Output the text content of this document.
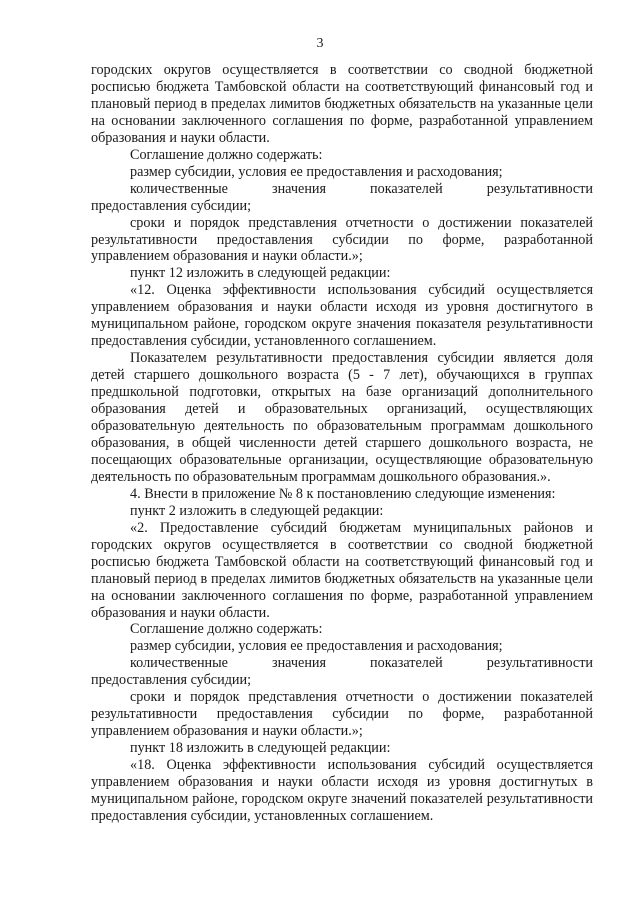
3

городских округов осуществляется в соответствии со сводной бюджетной росписью бюджета Тамбовской области на соответствующий финансовый год и плановый период в пределах лимитов бюджетных обязательств на указанные цели на основании заключенного соглашения по форме, разработанной управлением образования и науки области.

Соглашение должно содержать:

размер субсидии, условия ее предоставления и расходования;

количественные значения показателей результативности

предоставления субсидии;

сроки и порядок представления отчетности о достижении показателей результативности предоставления субсидии по форме, разработанной управлением образования и науки области.»;

пункт 12 изложить в следующей редакции:

«12. Оценка эффективности использования субсидий осуществляется управлением образования и науки области исходя из уровня достигнутого в муниципальном районе, городском округе значения показателя результативности предоставления субсидии, установленного соглашением.

Показателем результативности предоставления субсидии является доля детей старшего дошкольного возраста (5 - 7 лет), обучающихся в группах предшкольной подготовки, открытых на базе организаций дополнительного образования детей и образовательных организаций, осуществляющих образовательную деятельность по образовательным программам дошкольного образования, в общей численности детей старшего дошкольного возраста, не посещающих образовательные организации, осуществляющие образовательную деятельность по образовательным программам дошкольного образования.».

4. Внести в приложение № 8 к постановлению следующие изменения:

пункт 2 изложить в следующей редакции:

«2. Предоставление субсидий бюджетам муниципальных районов и городских округов осуществляется в соответствии со сводной бюджетной росписью бюджета Тамбовской области на соответствующий финансовый год и плановый период в пределах лимитов бюджетных обязательств на указанные цели на основании заключенного соглашения по форме, разработанной управлением образования и науки области.

Соглашение должно содержать:

размер субсидии, условия ее предоставления и расходования;

количественные значения показателей результативности

предоставления субсидии;

сроки и порядок представления отчетности о достижении показателей результативности предоставления субсидии по форме, разработанной управлением образования и науки области.»;

пункт 18 изложить в следующей редакции:

«18. Оценка эффективности использования субсидий осуществляется управлением образования и науки области исходя из уровня достигнутых в муниципальном районе, городском округе значений показателей результативности предоставления субсидии, установленных соглашением.
